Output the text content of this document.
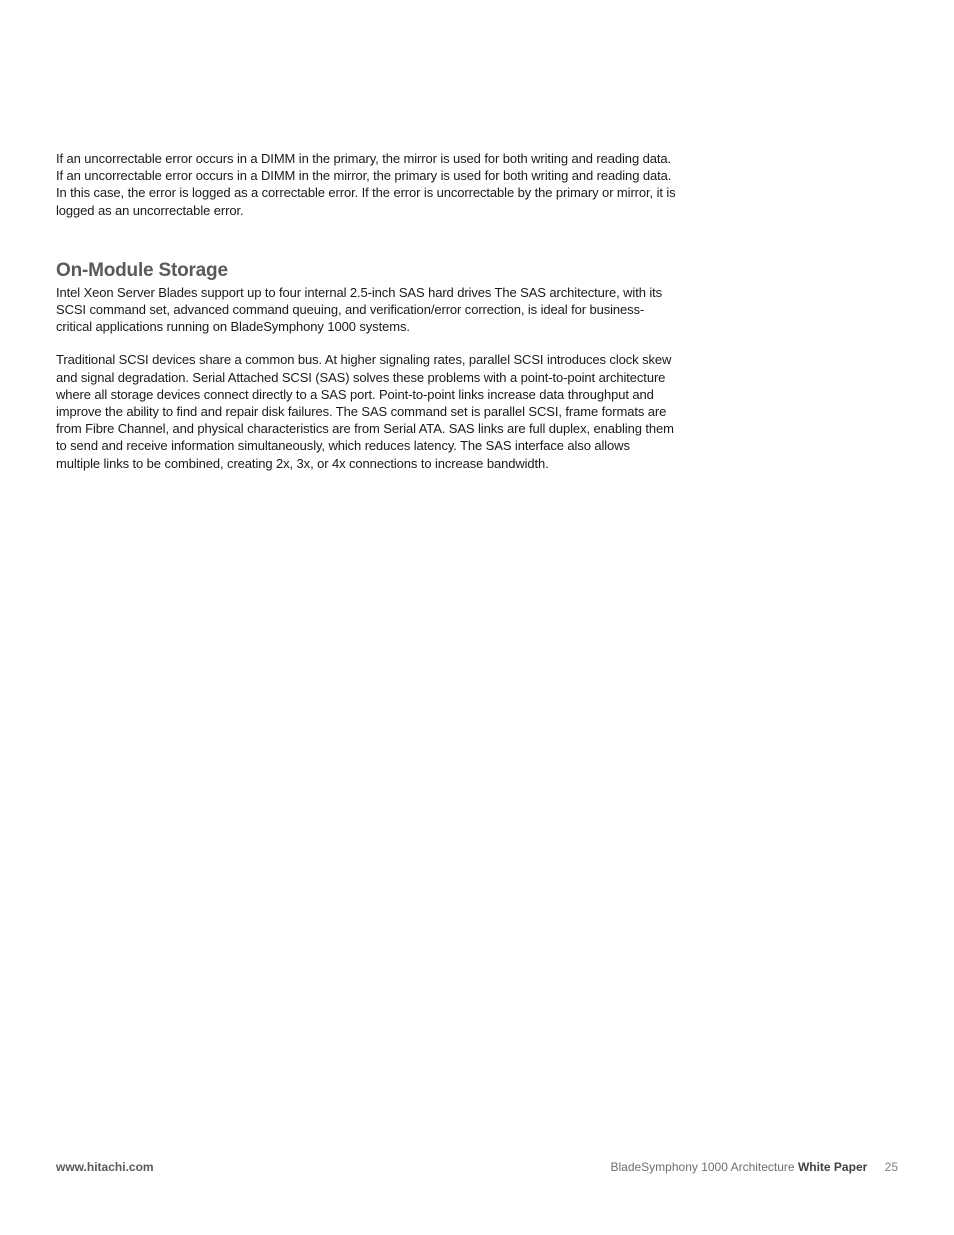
If an uncorrectable error occurs in a DIMM in the primary, the mirror is used for both writing and reading data. If an uncorrectable error occurs in a DIMM in the mirror, the primary is used for both writing and reading data. In this case, the error is logged as a correctable error. If the error is uncorrectable by the primary or mirror, it is logged as an uncorrectable error.

On-Module Storage

Intel Xeon Server Blades support up to four internal 2.5-inch SAS hard drives The SAS architecture, with its SCSI command set, advanced command queuing, and verification/error correction, is ideal for business-critical applications running on BladeSymphony 1000 systems.

Traditional SCSI devices share a common bus. At higher signaling rates, parallel SCSI introduces clock skew and signal degradation. Serial Attached SCSI (SAS) solves these problems with a point-to-point architecture where all storage devices connect directly to a SAS port. Point-to-point links increase data throughput and improve the ability to find and repair disk failures. The SAS command set is parallel SCSI, frame formats are from Fibre Channel, and physical characteristics are from Serial ATA. SAS links are full duplex, enabling them to send and receive information simultaneously, which reduces latency. The SAS interface also allows multiple links to be combined, creating 2x, 3x, or 4x connections to increase bandwidth.

www.hitachi.com	BladeSymphony 1000 Architecture White Paper 25
